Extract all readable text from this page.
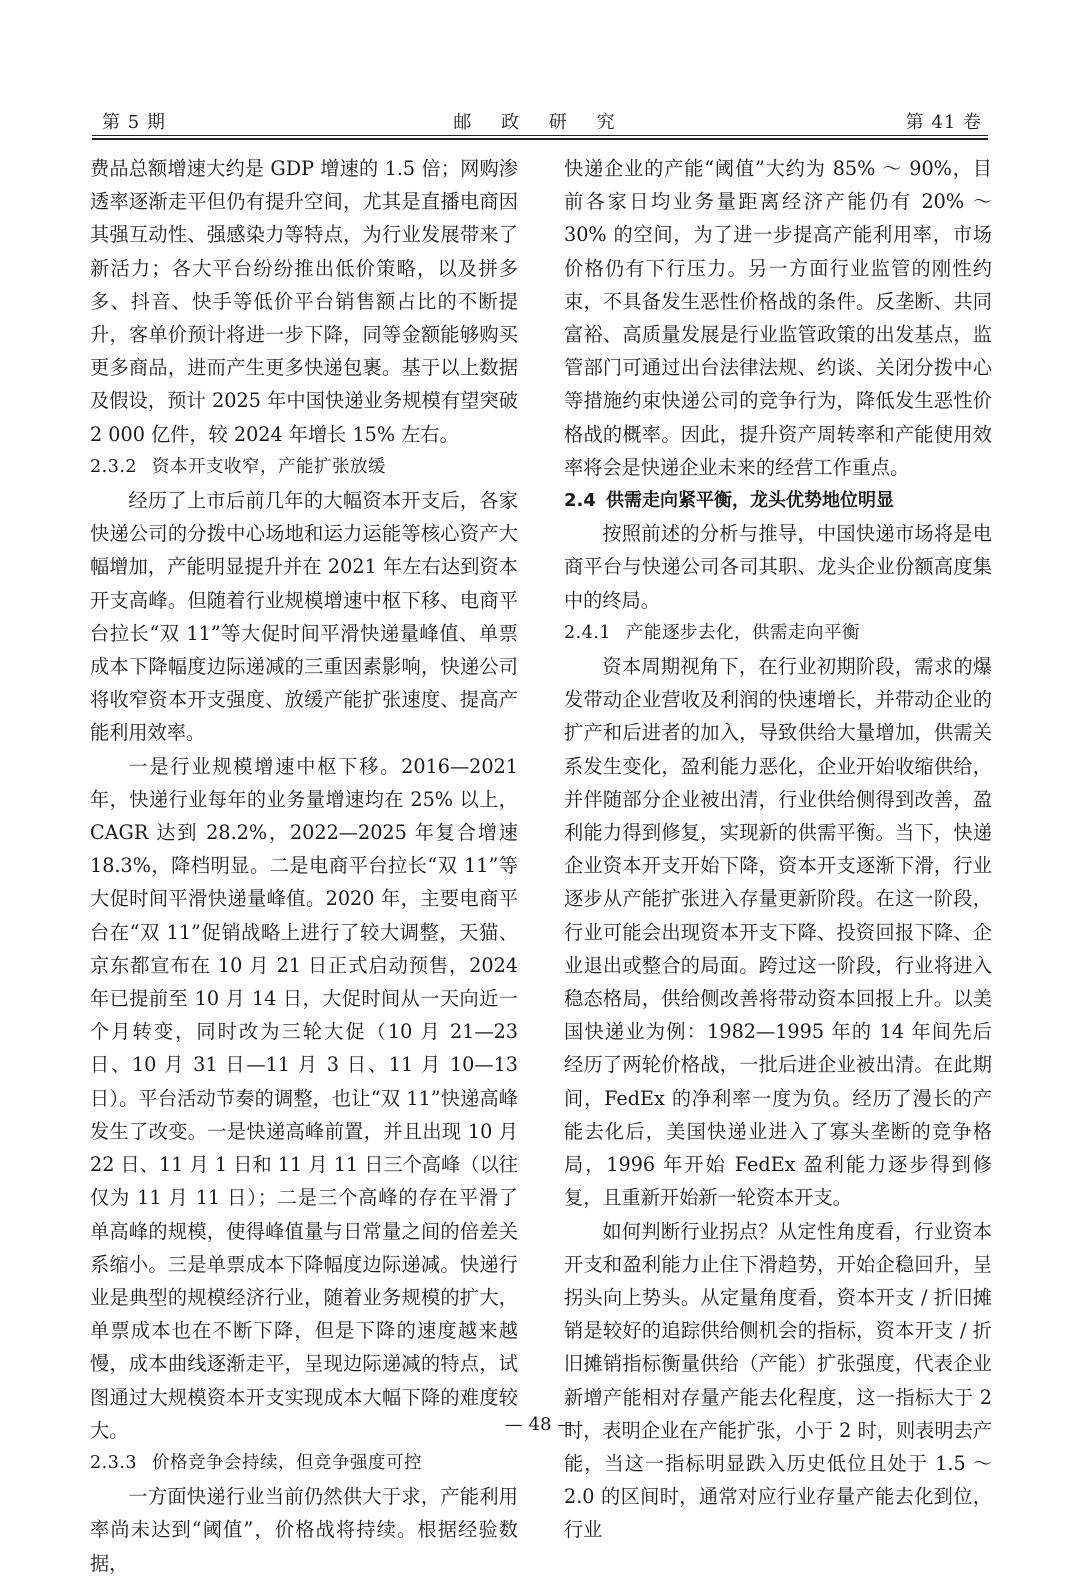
第 5 期	邮 政 研 究	第 41 卷

费品总额增速大约是 GDP 增速的 1.5 倍；网购渗透率逐渐走平但仍有提升空间，尤其是直播电商因其强互动性、强感染力等特点，为行业发展带来了新活力；各大平台纷纷推出低价策略，以及拼多多、抖音、快手等低价平台销售额占比的不断提升，客单价预计将进一步下降，同等金额能够购买更多商品，进而产生更多快递包裹。基于以上数据及假设，预计 2025 年中国快递业务规模有望突破 2 000 亿件，较 2024 年增长 15% 左右。

2.3.2 资本开支收窄，产能扩张放缓

经历了上市后前几年的大幅资本开支后，各家快递公司的分拨中心场地和运力运能等核心资产大幅增加，产能明显提升并在 2021 年左右达到资本开支高峰。但随着行业规模增速中枢下移、电商平台拉长“双 11”等大促时间平滑快递量峰值、单票成本下降幅度边际递减的三重因素影响，快递公司将收窄资本开支强度、放缓产能扩张速度、提高产能利用效率。

一是行业规模增速中枢下移。2016—2021 年，快递行业每年的业务量增速均在 25% 以上，CAGR 达到 28.2%，2022—2025 年复合增速 18.3%，降档明显。二是电商平台拉长“双 11”等大促时间平滑快递量峰值。2020 年，主要电商平台在“双 11”促销战略上进行了较大调整，天猫、京东都宣布在 10 月 21 日正式启动预售，2024 年已提前至 10 月 14 日，大促时间从一天向近一个月转变，同时改为三轮大促（10 月 21—23 日、10 月 31 日—11 月 3 日、11 月 10—13 日）。平台活动节奏的调整，也让“双 11”快递高峰发生了改变。一是快递高峰前置，并且出现 10 月 22 日、11 月 1 日和 11 月 11 日三个高峰（以往仅为 11 月 11 日）；二是三个高峰的存在平滑了单高峰的规模，使得峰值量与日常量之间的倍差关系缩小。三是单票成本下降幅度边际递减。快递行业是典型的规模经济行业，随着业务规模的扩大，单票成本也在不断下降，但是下降的速度越来越慢，成本曲线逐渐走平，呈现边际递减的特点，试图通过大规模资本开支实现成本大幅下降的难度较大。

2.3.3 价格竞争会持续，但竞争强度可控

一方面快递行业当前仍然供大于求，产能利用率尚未达到“阈值”，价格战将持续。根据经验数据，

快递企业的产能“阈值”大约为 85% ～ 90%，目前各家日均业务量距离经济产能仍有 20% ～ 30% 的空间，为了进一步提高产能利用率，市场价格仍有下行压力。另一方面行业监管的刚性约束，不具备发生恶性价格战的条件。反垄断、共同富裕、高质量发展是行业监管政策的出发基点，监管部门可通过出台法律法规、约谈、关闭分拨中心等措施约束快递公司的竞争行为，降低发生恶性价格战的概率。因此，提升资产周转率和产能使用效率将会是快递企业未来的经营工作重点。

2.4 供需走向紧平衡，龙头优势地位明显

按照前述的分析与推导，中国快递市场将是电商平台与快递公司各司其职、龙头企业份额高度集中的终局。

2.4.1 产能逐步去化，供需走向平衡

资本周期视角下，在行业初期阶段，需求的爆发带动企业营收及利润的快速增长，并带动企业的扩产和后进者的加入，导致供给大量增加，供需关系发生变化，盈利能力恶化，企业开始收缩供给，并伴随部分企业被出清，行业供给侧得到改善，盈利能力得到修复，实现新的供需平衡。当下，快递企业资本开支开始下降，资本开支逐渐下滑，行业逐步从产能扩张进入存量更新阶段。在这一阶段，行业可能会出现资本开支下降、投资回报下降、企业退出或整合的局面。跨过这一阶段，行业将进入稳态格局，供给侧改善将带动资本回报上升。以美国快递业为例：1982—1995 年的 14 年间先后经历了两轮价格战，一批后进企业被出清。在此期间，FedEx 的净利率一度为负。经历了漫长的产能去化后，美国快递业进入了寡头垄断的竞争格局，1996 年开始 FedEx 盈利能力逐步得到修复，且重新开始新一轮资本开支。

如何判断行业拐点？从定性角度看，行业资本开支和盈利能力止住下滑趋势，开始企稳回升，呈拐头向上势头。从定量角度看，资本开支 / 折旧摊销是较好的追踪供给侧机会的指标，资本开支 / 折旧摊销指标衡量供给（产能）扩张强度，代表企业新增产能相对存量产能去化程度，这一指标大于 2 时，表明企业在产能扩张，小于 2 时，则表明去产能，当这一指标明显跌入历史低位且处于 1.5 ～ 2.0 的区间时，通常对应行业存量产能去化到位，行业

— 48 —
